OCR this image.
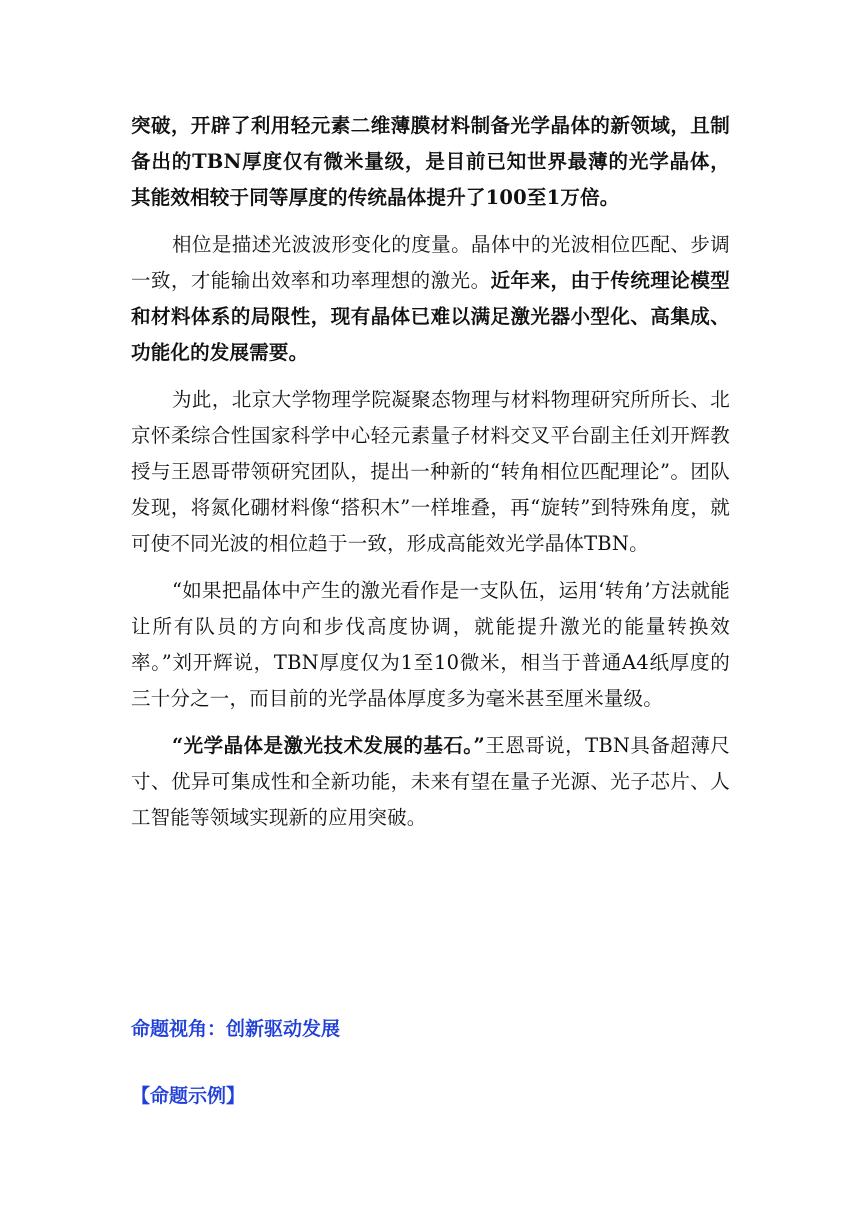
突破，开辟了利用轻元素二维薄膜材料制备光学晶体的新领域，且制备出的TBN厚度仅有微米量级，是目前已知世界最薄的光学晶体，其能效相较于同等厚度的传统晶体提升了100至1万倍。

相位是描述光波波形变化的度量。晶体中的光波相位匹配、步调一致，才能输出效率和功率理想的激光。近年来，由于传统理论模型和材料体系的局限性，现有晶体已难以满足激光器小型化、高集成、功能化的发展需要。

为此，北京大学物理学院凝聚态物理与材料物理研究所所长、北京怀柔综合性国家科学中心轻元素量子材料交叉平台副主任刘开辉教授与王恩哥带领研究团队，提出一种新的“转角相位匹配理论”。团队发现，将氮化硼材料像“搭积木”一样堆叠，再“旋转”到特殊角度，就可使不同光波的相位趋于一致，形成高能效光学晶体TBN。

“如果把晶体中产生的激光看作是一支队伍，运用‘转角’方法就能让所有队员的方向和步伐高度协调，就能提升激光的能量转换效率。”刘开辉说，TBN厚度仅为1至10微米，相当于普通A4纸厚度的三十分之一，而目前的光学晶体厚度多为毫米甚至厘米量级。

“光学晶体是激光技术发展的基石。”王恩哥说，TBN具备超薄尺寸、优异可集成性和全新功能，未来有望在量子光源、光子芯片、人工智能等领域实现新的应用突破。

命题视角：创新驱动发展
【命题示例】
